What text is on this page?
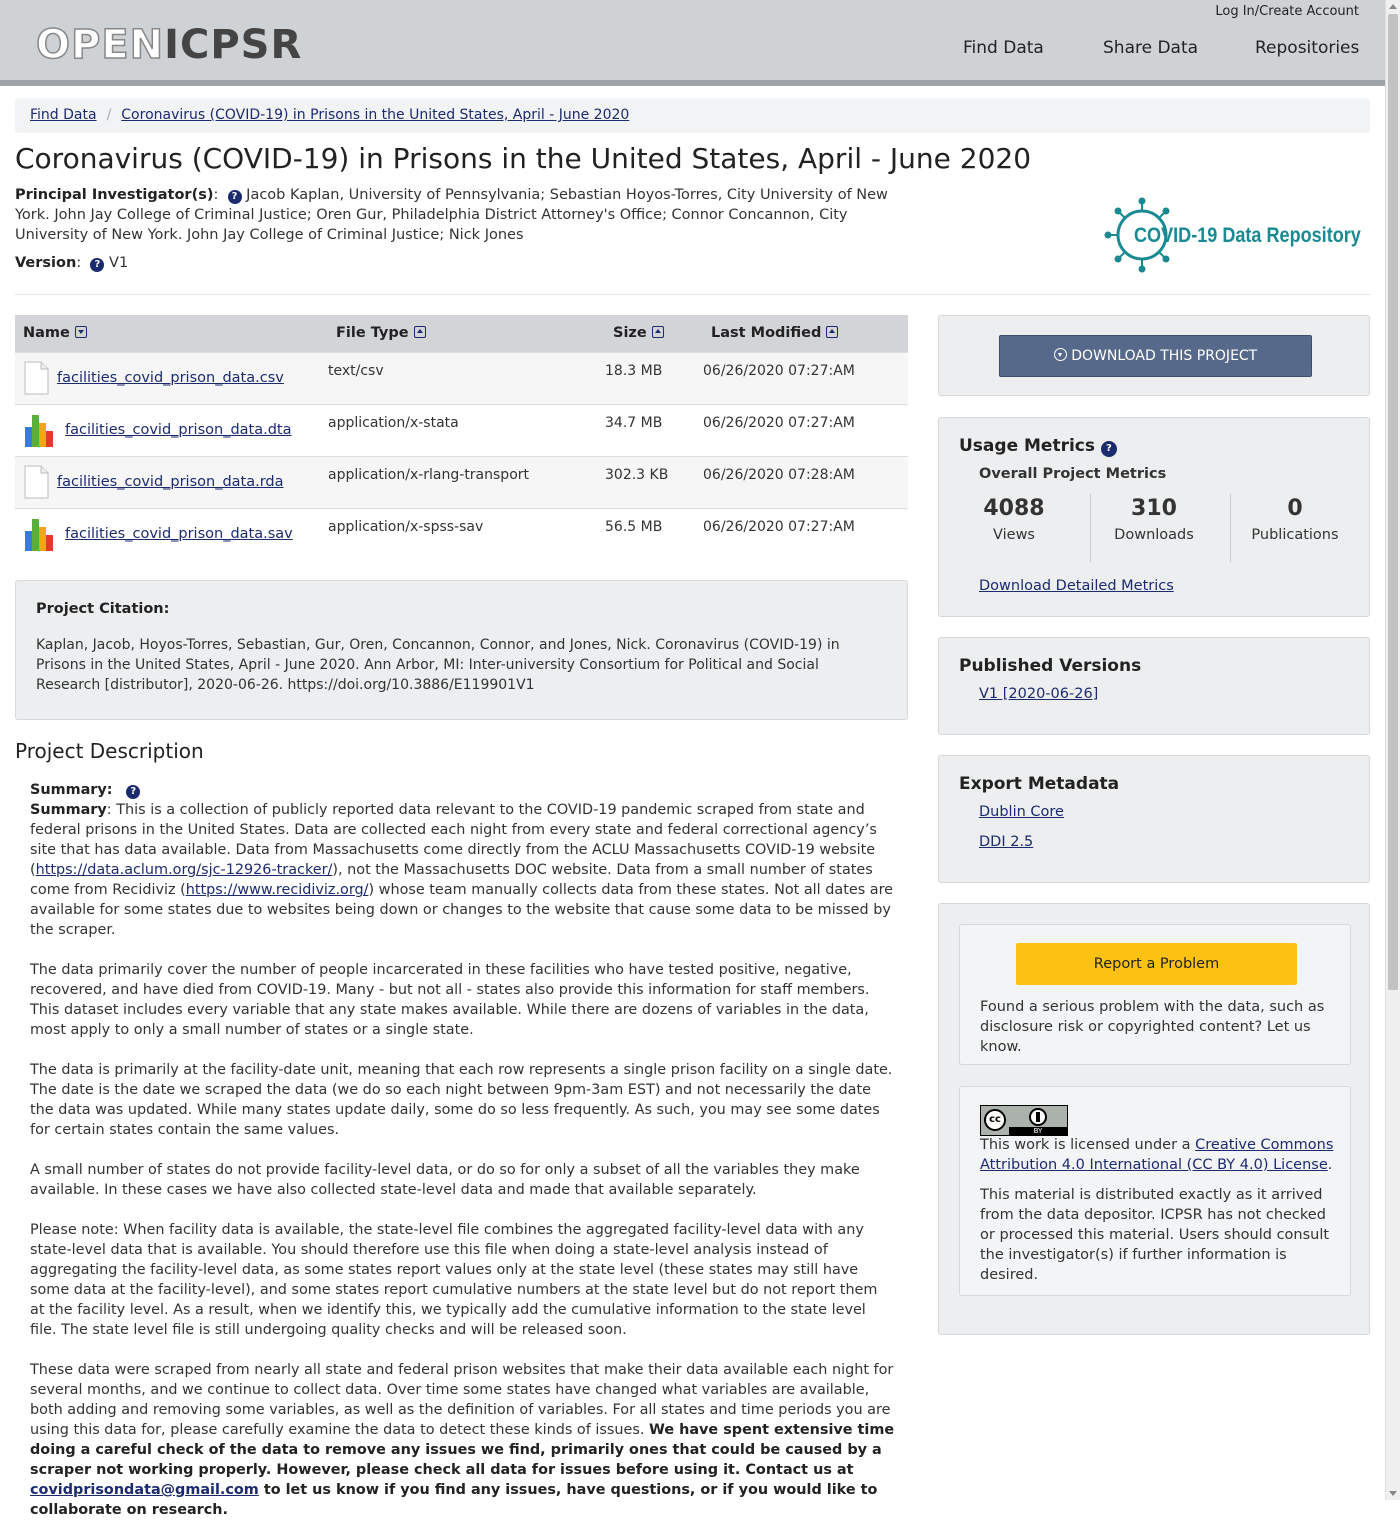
OPENICPSR
Log In/Create Account
Find Data	Share Data	Repositories
Find Data / Coronavirus (COVID-19) in Prisons in the United States, April - June 2020
Coronavirus (COVID-19) in Prisons in the United States, April - June 2020
Principal Investigator(s):  ? Jacob Kaplan, University of Pennsylvania; Sebastian Hoyos-Torres, City University of New York. John Jay College of Criminal Justice; Oren Gur, Philadelphia District Attorney's Office; Connor Concannon, City University of New York. John Jay College of Criminal Justice; Nick Jones
Version:  ? V1
COVID-19 Data Repository
Name	File Type	Size	Last Modified

facilities_covid_prison_data.csv	text/csv	18.3 MB	06/26/2020 07:27:AM

facilities_covid_prison_data.dta	application/x-stata	34.7 MB	06/26/2020 07:27:AM

facilities_covid_prison_data.rda	application/x-rlang-transport	302.3 KB	06/26/2020 07:28:AM

facilities_covid_prison_data.sav	application/x-spss-sav	56.5 MB	06/26/2020 07:27:AM
Project Citation:
Kaplan, Jacob, Hoyos-Torres, Sebastian, Gur, Oren, Concannon, Connor, and Jones, Nick. Coronavirus (COVID-19) in Prisons in the United States, April - June 2020. Ann Arbor, MI: Inter-university Consortium for Political and Social Research [distributor], 2020-06-26. https://doi.org/10.3886/E119901V1
Project Description
Summary: ?

Summary: This is a collection of publicly reported data relevant to the COVID-19 pandemic scraped from state and federal prisons in the United States. Data are collected each night from every state and federal correctional agency’s site that has data available. Data from Massachusetts come directly from the ACLU Massachusetts COVID-19 website (https://data.aclum.org/sjc-12926-tracker/), not the Massachusetts DOC website. Data from a small number of states come from Recidiviz (https://www.recidiviz.org/) whose team manually collects data from these states. Not all dates are available for some states due to websites being down or changes to the website that cause some data to be missed by the scraper.

The data primarily cover the number of people incarcerated in these facilities who have tested positive, negative, recovered, and have died from COVID-19. Many - but not all - states also provide this information for staff members. This dataset includes every variable that any state makes available. While there are dozens of variables in the data, most apply to only a small number of states or a single state.

The data is primarily at the facility-date unit, meaning that each row represents a single prison facility on a single date. The date is the date we scraped the data (we do so each night between 9pm-3am EST) and not necessarily the date the data was updated. While many states update daily, some do so less frequently. As such, you may see some dates for certain states contain the same values.

A small number of states do not provide facility-level data, or do so for only a subset of all the variables they make available. In these cases we have also collected state-level data and made that available separately.

Please note: When facility data is available, the state-level file combines the aggregated facility-level data with any state-level data that is available. You should therefore use this file when doing a state-level analysis instead of aggregating the facility-level data, as some states report values only at the state level (these states may still have some data at the facility-level), and some states report cumulative numbers at the state level but do not report them at the facility level. As a result, when we identify this, we typically add the cumulative information to the state level file. The state level file is still undergoing quality checks and will be released soon.

These data were scraped from nearly all state and federal prison websites that make their data available each night for several months, and we continue to collect data. Over time some states have changed what variables are available, both adding and removing some variables, as well as the definition of variables. For all states and time periods you are using this data for, please carefully examine the data to detect these kinds of issues. We have spent extensive time doing a careful check of the data to remove any issues we find, primarily ones that could be caused by a scraper not working properly. However, please check all data for issues before using it. Contact us at covidprisondata@gmail.com to let us know if you find any issues, have questions, or if you would like to collaborate on research.

DOWNLOAD THIS PROJECT
Usage Metrics ?
Overall Project Metrics
4088
Views
310
Downloads
0
Publications
Download Detailed Metrics
Published Versions
V1 [2020-06-26]
Export Metadata
Dublin Core
DDI 2.5
Report a Problem
Found a serious problem with the data, such as disclosure risk or copyrighted content? Let us know.
cc
BY
This work is licensed under a Creative Commons Attribution 4.0 International (CC BY 4.0) License.
This material is distributed exactly as it arrived from the data depositor. ICPSR has not checked or processed this material. Users should consult the investigator(s) if further information is desired.
